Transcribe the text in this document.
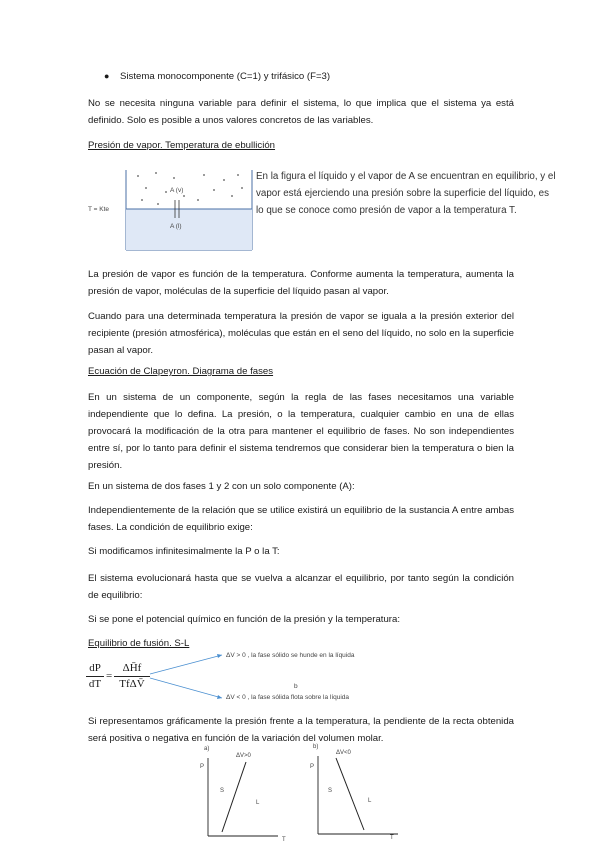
● Sistema monocomponente (C=1) y trifásico (F=3)

No se necesita ninguna variable para definir el sistema, lo que implica que el sistema ya está definido. Solo es posible a unos valores concretos de las variables.

Presión de vapor. Temperatura de ebullición

T = Kte
A (v)
A (l)

En la figura el líquido y el vapor de A se encuentran en equilibrio, y el vapor está ejerciendo una presión sobre la superficie del líquido, es lo que se conoce como presión de vapor a la temperatura T.

La presión de vapor es función de la temperatura. Conforme aumenta la temperatura, aumenta la presión de vapor, moléculas de la superficie del líquido pasan al vapor.

Cuando para una determinada temperatura la presión de vapor se iguala a la presión exterior del recipiente (presión atmosférica), moléculas que están en el seno del líquido, no solo en la superficie pasan al vapor.

Ecuación de Clapeyron. Diagrama de fases

En un sistema de un componente, según la regla de las fases necesitamos una variable independiente que lo defina. La presión, o la temperatura, cualquier cambio en una de ellas provocará la modificación de la otra para mantener el equilibrio de fases. No son independientes entre sí, por lo tanto para definir el sistema tendremos que considerar bien la temperatura o bien la presión.

En un sistema de dos fases 1 y 2 con un solo componente (A):

Independientemente de la relación que se utilice existirá un equilibrio de la sustancia A entre ambas fases. La condición de equilibrio exige:

Si modificamos infinitesimalmente la P o la T:

El sistema evolucionará hasta que se vuelva a alcanzar el equilibrio, por tanto según la condición de equilibrio:

Si se pone el potencial químico en función de la presión y la temperatura:

Equilibrio de fusión. S-L

dP
dT
=
ΔH̄f
TfΔV̄
ΔV > 0 , la fase sólido se hunde en la líquida
ΔV < 0 , la fase sólida flota sobre la líquida
b

Si representamos gráficamente la presión frente a la temperatura, la pendiente de la recta obtenida será positiva o negativa en función de la variación del volumen molar.

a)
ΔV>0
P
S
L
T
b)
ΔV<0
P
S
L
T
